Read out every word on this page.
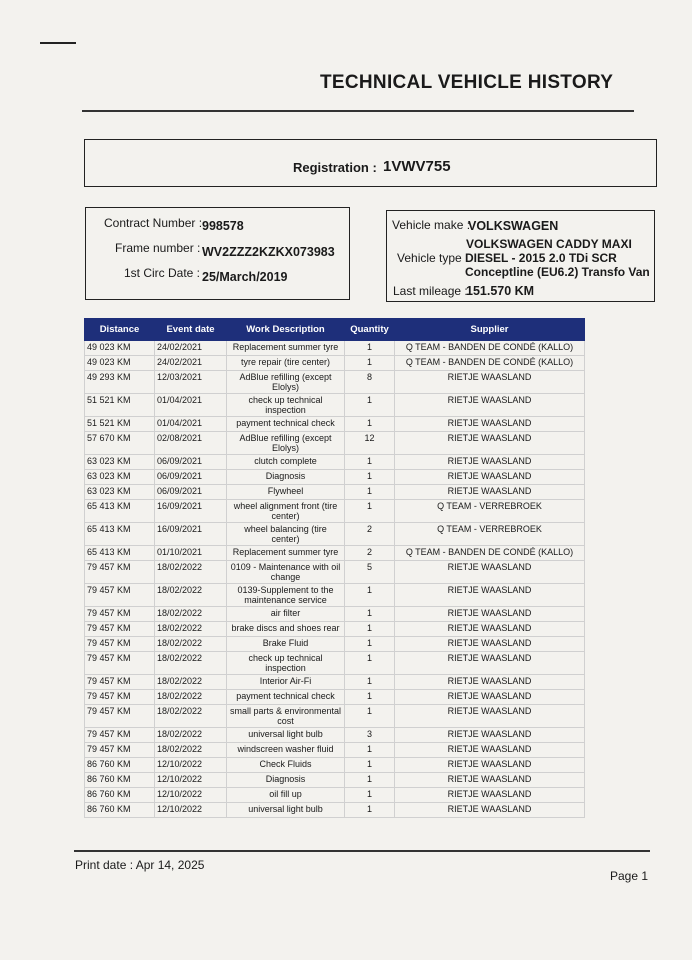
TECHNICAL VEHICLE HISTORY
Registration : 1VWV755
Contract Number : 998578
Frame number : WV2ZZZ2KZKX073983
1st Circ Date : 25/March/2019
Vehicle make :
VOLKSWAGEN
Vehicle type :
VOLKSWAGEN CADDY MAXI
DIESEL - 2015 2.0 TDi SCR
Conceptline (EU6.2) Transfo Van
Last mileage :
151.570 KM
Distance	Event date	Work Description	Quantity	Supplier
49 023 KM	24/02/2021	Replacement summer tyre	1	Q TEAM - BANDEN DE CONDÉ (KALLO)
49 023 KM	24/02/2021	tyre repair (tire center)	1	Q TEAM - BANDEN DE CONDÉ (KALLO)
49 293 KM	12/03/2021	AdBlue refilling (except Elolys)	8	RIETJE WAASLAND
51 521 KM	01/04/2021	check up technical inspection	1	RIETJE WAASLAND
51 521 KM	01/04/2021	payment technical check	1	RIETJE WAASLAND
57 670 KM	02/08/2021	AdBlue refilling (except Elolys)	12	RIETJE WAASLAND
63 023 KM	06/09/2021	clutch complete	1	RIETJE WAASLAND
63 023 KM	06/09/2021	Diagnosis	1	RIETJE WAASLAND
63 023 KM	06/09/2021	Flywheel	1	RIETJE WAASLAND
65 413 KM	16/09/2021	wheel alignment front (tire center)	1	Q TEAM - VERREBROEK
65 413 KM	16/09/2021	wheel balancing (tire center)	2	Q TEAM - VERREBROEK
65 413 KM	01/10/2021	Replacement summer tyre	2	Q TEAM - BANDEN DE CONDÉ (KALLO)
79 457 KM	18/02/2022	0109 - Maintenance with oil change	5	RIETJE WAASLAND
79 457 KM	18/02/2022	0139-Supplement to the maintenance service	1	RIETJE WAASLAND
79 457 KM	18/02/2022	air filter	1	RIETJE WAASLAND
79 457 KM	18/02/2022	brake discs and shoes rear	1	RIETJE WAASLAND
79 457 KM	18/02/2022	Brake Fluid	1	RIETJE WAASLAND
79 457 KM	18/02/2022	check up technical inspection	1	RIETJE WAASLAND
79 457 KM	18/02/2022	Interior Air-Fi	1	RIETJE WAASLAND
79 457 KM	18/02/2022	payment technical check	1	RIETJE WAASLAND
79 457 KM	18/02/2022	small parts & environmental cost	1	RIETJE WAASLAND
79 457 KM	18/02/2022	universal light bulb	3	RIETJE WAASLAND
79 457 KM	18/02/2022	windscreen washer fluid	1	RIETJE WAASLAND
86 760 KM	12/10/2022	Check Fluids	1	RIETJE WAASLAND
86 760 KM	12/10/2022	Diagnosis	1	RIETJE WAASLAND
86 760 KM	12/10/2022	oil fill up	1	RIETJE WAASLAND
86 760 KM	12/10/2022	universal light bulb	1	RIETJE WAASLAND
Print date : Apr 14, 2025
Page 1
